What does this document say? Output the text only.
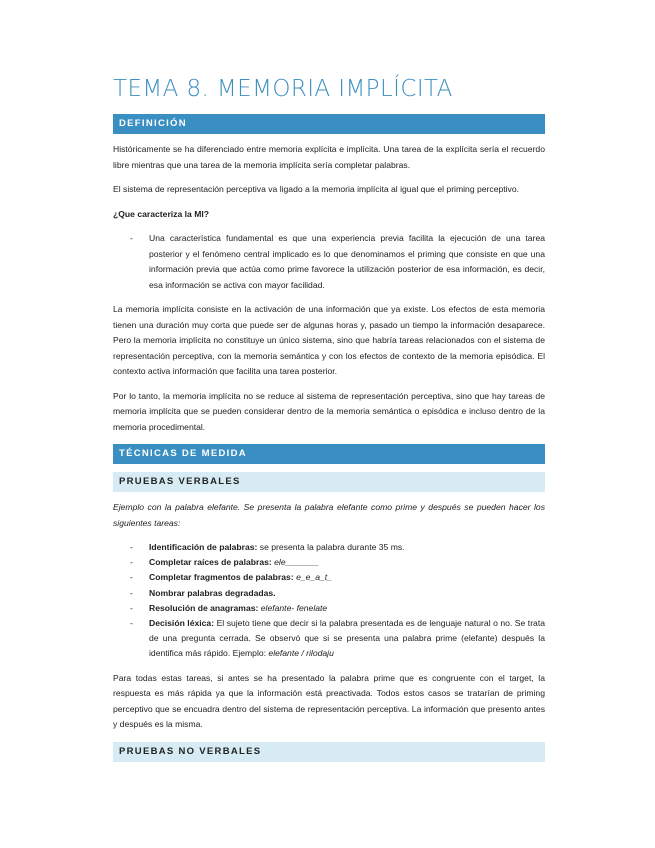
TEMA 8. MEMORIA IMPLÍCITA
DEFINICIÓN

Históricamente se ha diferenciado entre memoria explícita e implícita. Una tarea de la explícita sería el recuerdo libre mientras que una tarea de la memoria implícita sería completar palabras.

El sistema de representación perceptiva va ligado a la memoria implícita al igual que el priming perceptivo.

¿Que caracteriza la MI?

- Una característica fundamental es que una experiencia previa facilita la ejecución de una tarea posterior y el fenómeno central implicado es lo que denominamos el priming que consiste en que una información previa que actúa como prime favorece la utilización posterior de esa información, es decir, esa información se activa con mayor facilidad.

La memoria implícita consiste en la activación de una información que ya existe. Los efectos de esta memoria tienen una duración muy corta que puede ser de algunas horas y, pasado un tiempo la información desaparece. Pero la memoria implícita no constituye un único sistema, sino que habría tareas relacionados con el sistema de representación perceptiva, con la memoria semántica y con los efectos de contexto de la memoria episódica. El contexto activa información que facilita una tarea posterior.

Por lo tanto, la memoria implícita no se reduce al sistema de representación perceptiva, sino que hay tareas de memoria implícita que se pueden considerar dentro de la memoria semántica o episódica e incluso dentro de la memoria procedimental.

TÉCNICAS DE MEDIDA
PRUEBAS VERBALES

Ejemplo con la palabra elefante. Se presenta la palabra elefante como prime y después se pueden hacer los siguientes tareas:

- Identificación de palabras: se presenta la palabra durante 35 ms.
- Completar raíces de palabras: ele_______
- Completar fragmentos de palabras: e_e_a_t_
- Nombrar palabras degradadas.
- Resolución de anagramas: elefante- fenelate
- Decisión léxica: El sujeto tiene que decir si la palabra presentada es de lenguaje natural o no. Se trata de una pregunta cerrada. Se observó que si se presenta una palabra prime (elefante) después la identifica más rápido. Ejemplo: elefante / rilodaju

Para todas estas tareas, si antes se ha presentado la palabra prime que es congruente con el target, la respuesta es más rápida ya que la información está preactivada. Todos estos casos se tratarían de priming perceptivo que se encuadra dentro del sistema de representación perceptiva. La información que presento antes y después es la misma.

PRUEBAS NO VERBALES
